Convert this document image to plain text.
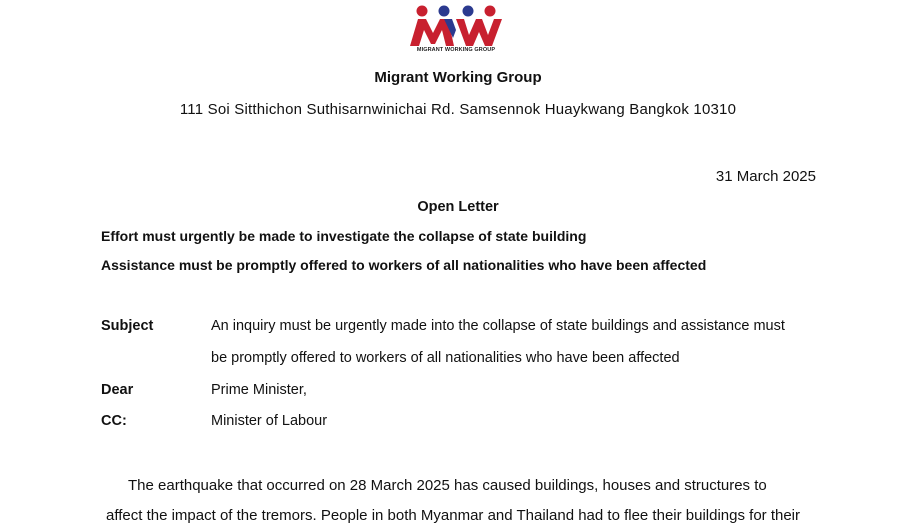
MIGRANT WORKING GROUP
Migrant Working Group
111 Soi Sitthichon Suthisarnwinichai Rd. Samsennok Huaykwang Bangkok 10310
31 March 2025
Open Letter
Effort must urgently be made to investigate the collapse of state building
Assistance must be promptly offered to workers of all nationalities who have been affected
Subject	An inquiry must be urgently made into the collapse of state buildings and assistance must
be promptly offered to workers of all nationalities who have been affected
Dear	Prime Minister,
CC:	Minister of Labour
The earthquake that occurred on 28 March 2025 has caused buildings, houses and structures to
affect the impact of the tremors. People in both Myanmar and Thailand had to flee their buildings for their
